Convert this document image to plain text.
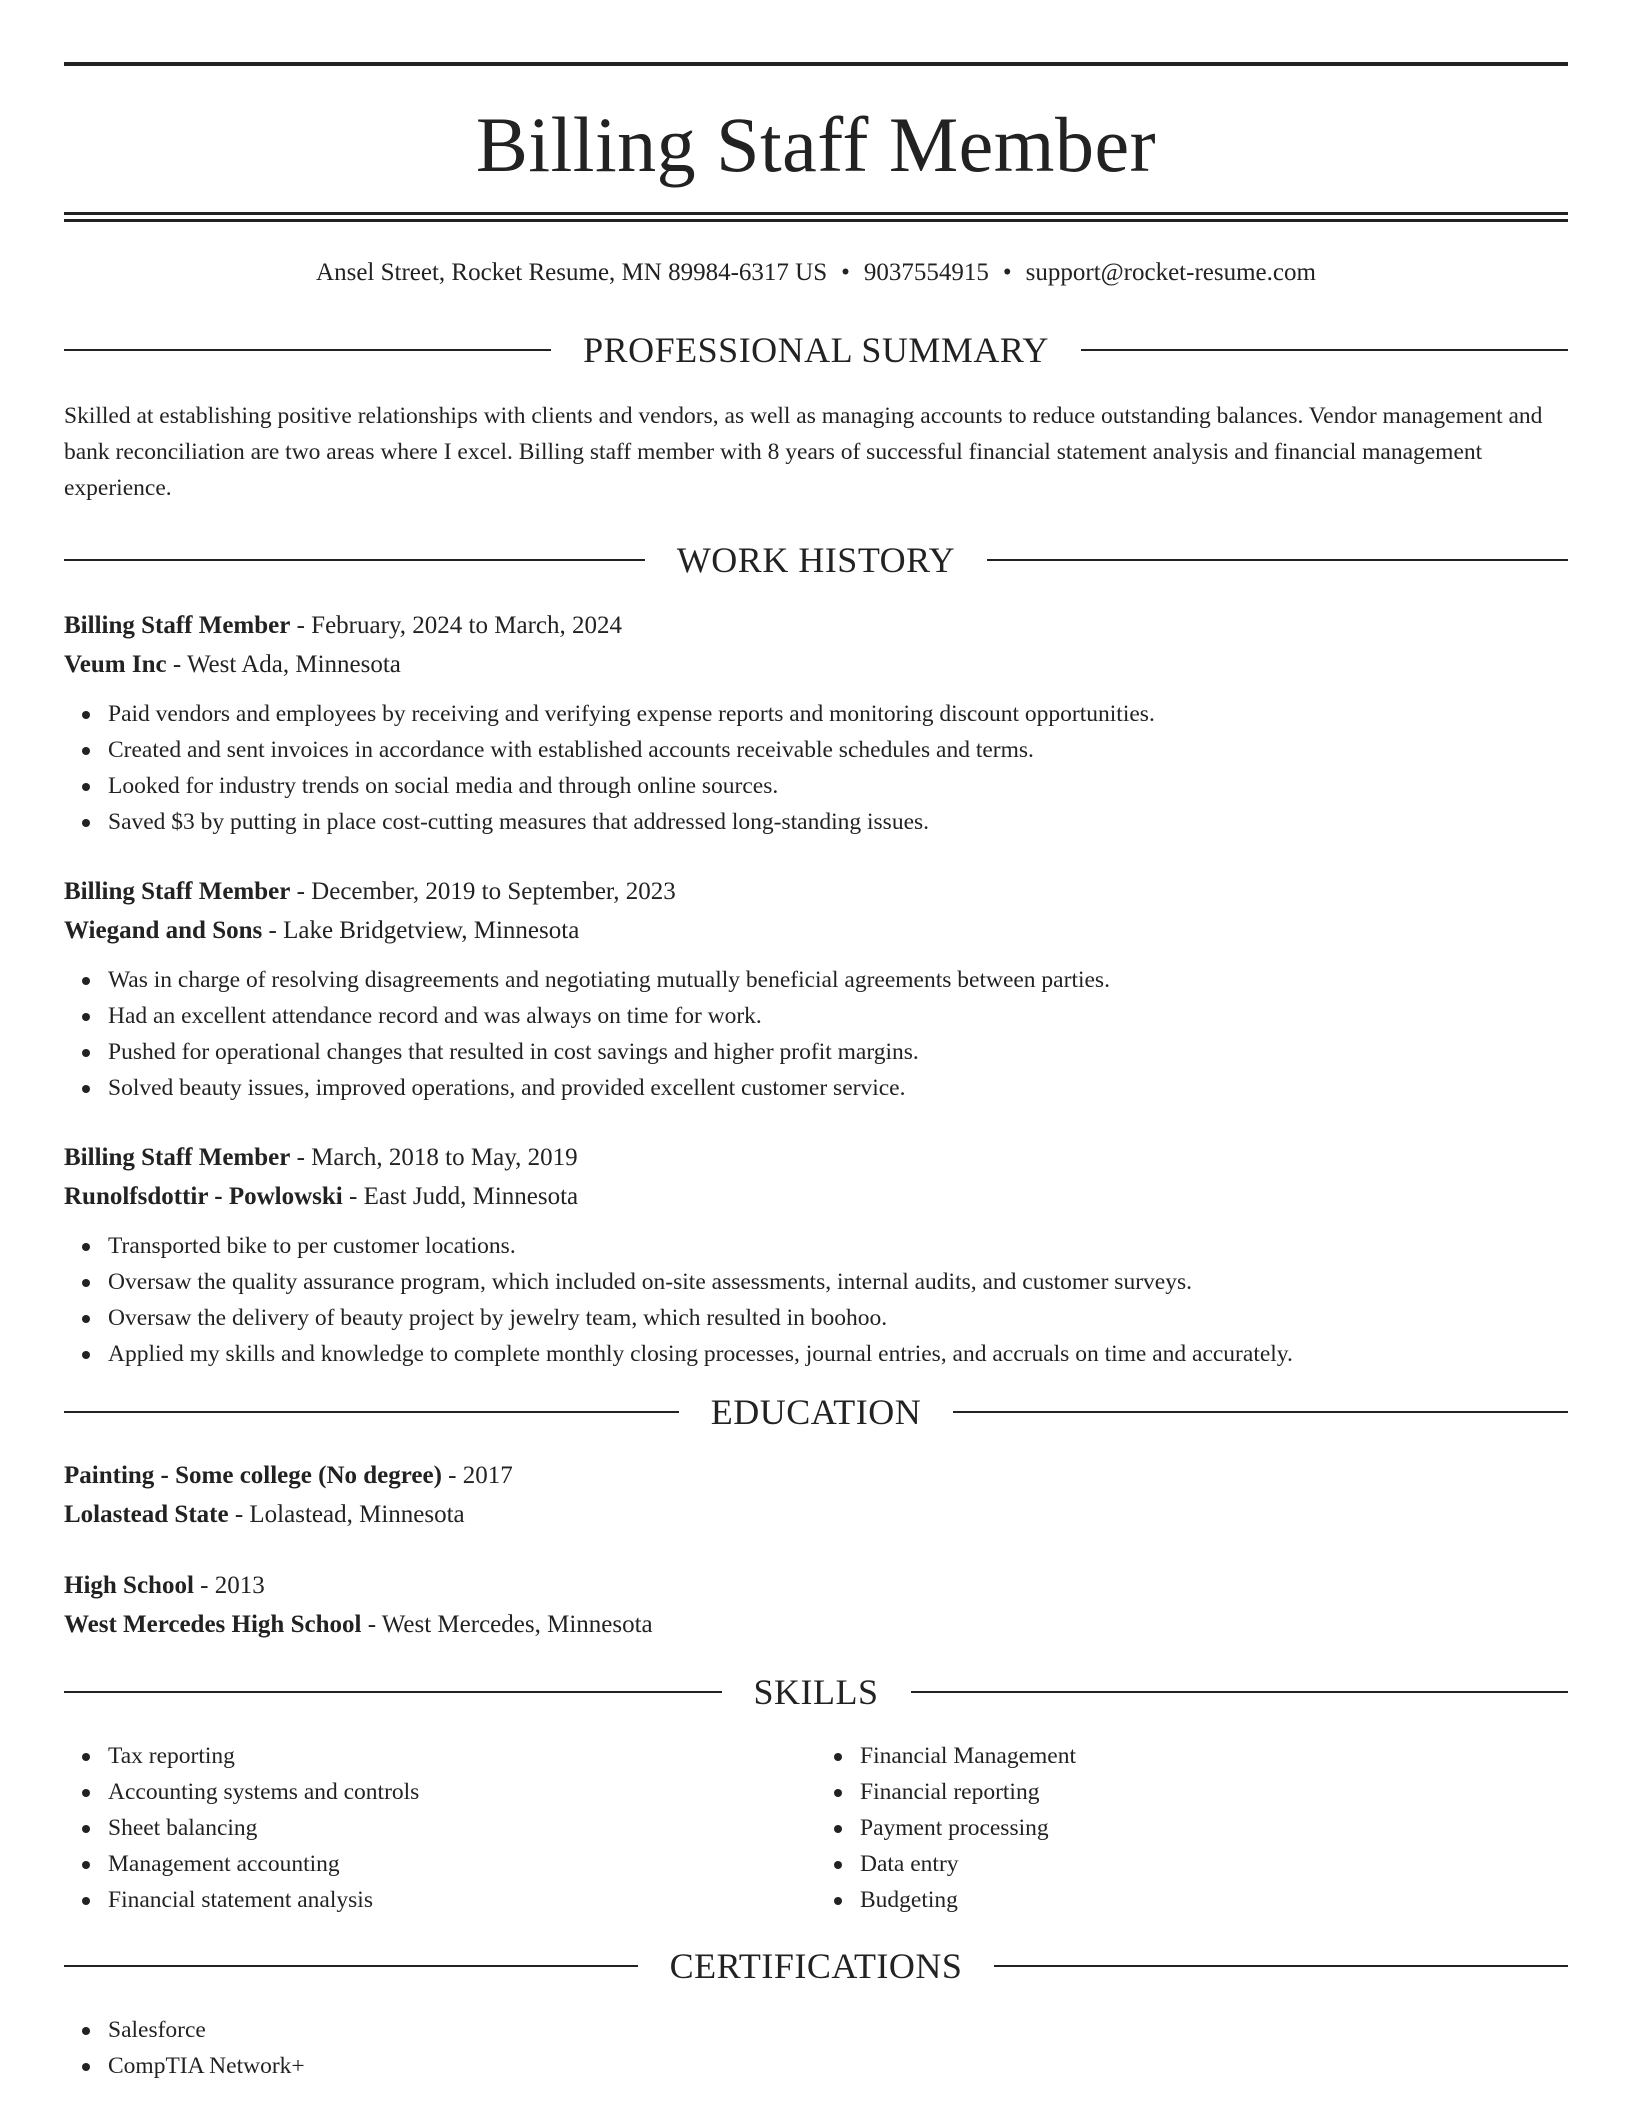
Billing Staff Member
Ansel Street, Rocket Resume, MN 89984-6317 US • 9037554915 • support@rocket-resume.com
PROFESSIONAL SUMMARY

Skilled at establishing positive relationships with clients and vendors, as well as managing accounts to reduce outstanding balances. Vendor management and bank reconciliation are two areas where I excel. Billing staff member with 8 years of successful financial statement analysis and financial management experience.

WORK HISTORY
Billing Staff Member - February, 2024 to March, 2024
Veum Inc - West Ada, Minnesota
Paid vendors and employees by receiving and verifying expense reports and monitoring discount opportunities.
Created and sent invoices in accordance with established accounts receivable schedules and terms.
Looked for industry trends on social media and through online sources.
Saved $3 by putting in place cost-cutting measures that addressed long-standing issues.
Billing Staff Member - December, 2019 to September, 2023
Wiegand and Sons - Lake Bridgetview, Minnesota
Was in charge of resolving disagreements and negotiating mutually beneficial agreements between parties.
Had an excellent attendance record and was always on time for work.
Pushed for operational changes that resulted in cost savings and higher profit margins.
Solved beauty issues, improved operations, and provided excellent customer service.
Billing Staff Member - March, 2018 to May, 2019
Runolfsdottir - Powlowski - East Judd, Minnesota
Transported bike to per customer locations.
Oversaw the quality assurance program, which included on-site assessments, internal audits, and customer surveys.
Oversaw the delivery of beauty project by jewelry team, which resulted in boohoo.
Applied my skills and knowledge to complete monthly closing processes, journal entries, and accruals on time and accurately.
EDUCATION
Painting - Some college (No degree) - 2017
Lolastead State - Lolastead, Minnesota
High School - 2013
West Mercedes High School - West Mercedes, Minnesota
SKILLS
Tax reporting
Accounting systems and controls
Sheet balancing
Management accounting
Financial statement analysis
Financial Management
Financial reporting
Payment processing
Data entry
Budgeting
CERTIFICATIONS
Salesforce
CompTIA Network+
